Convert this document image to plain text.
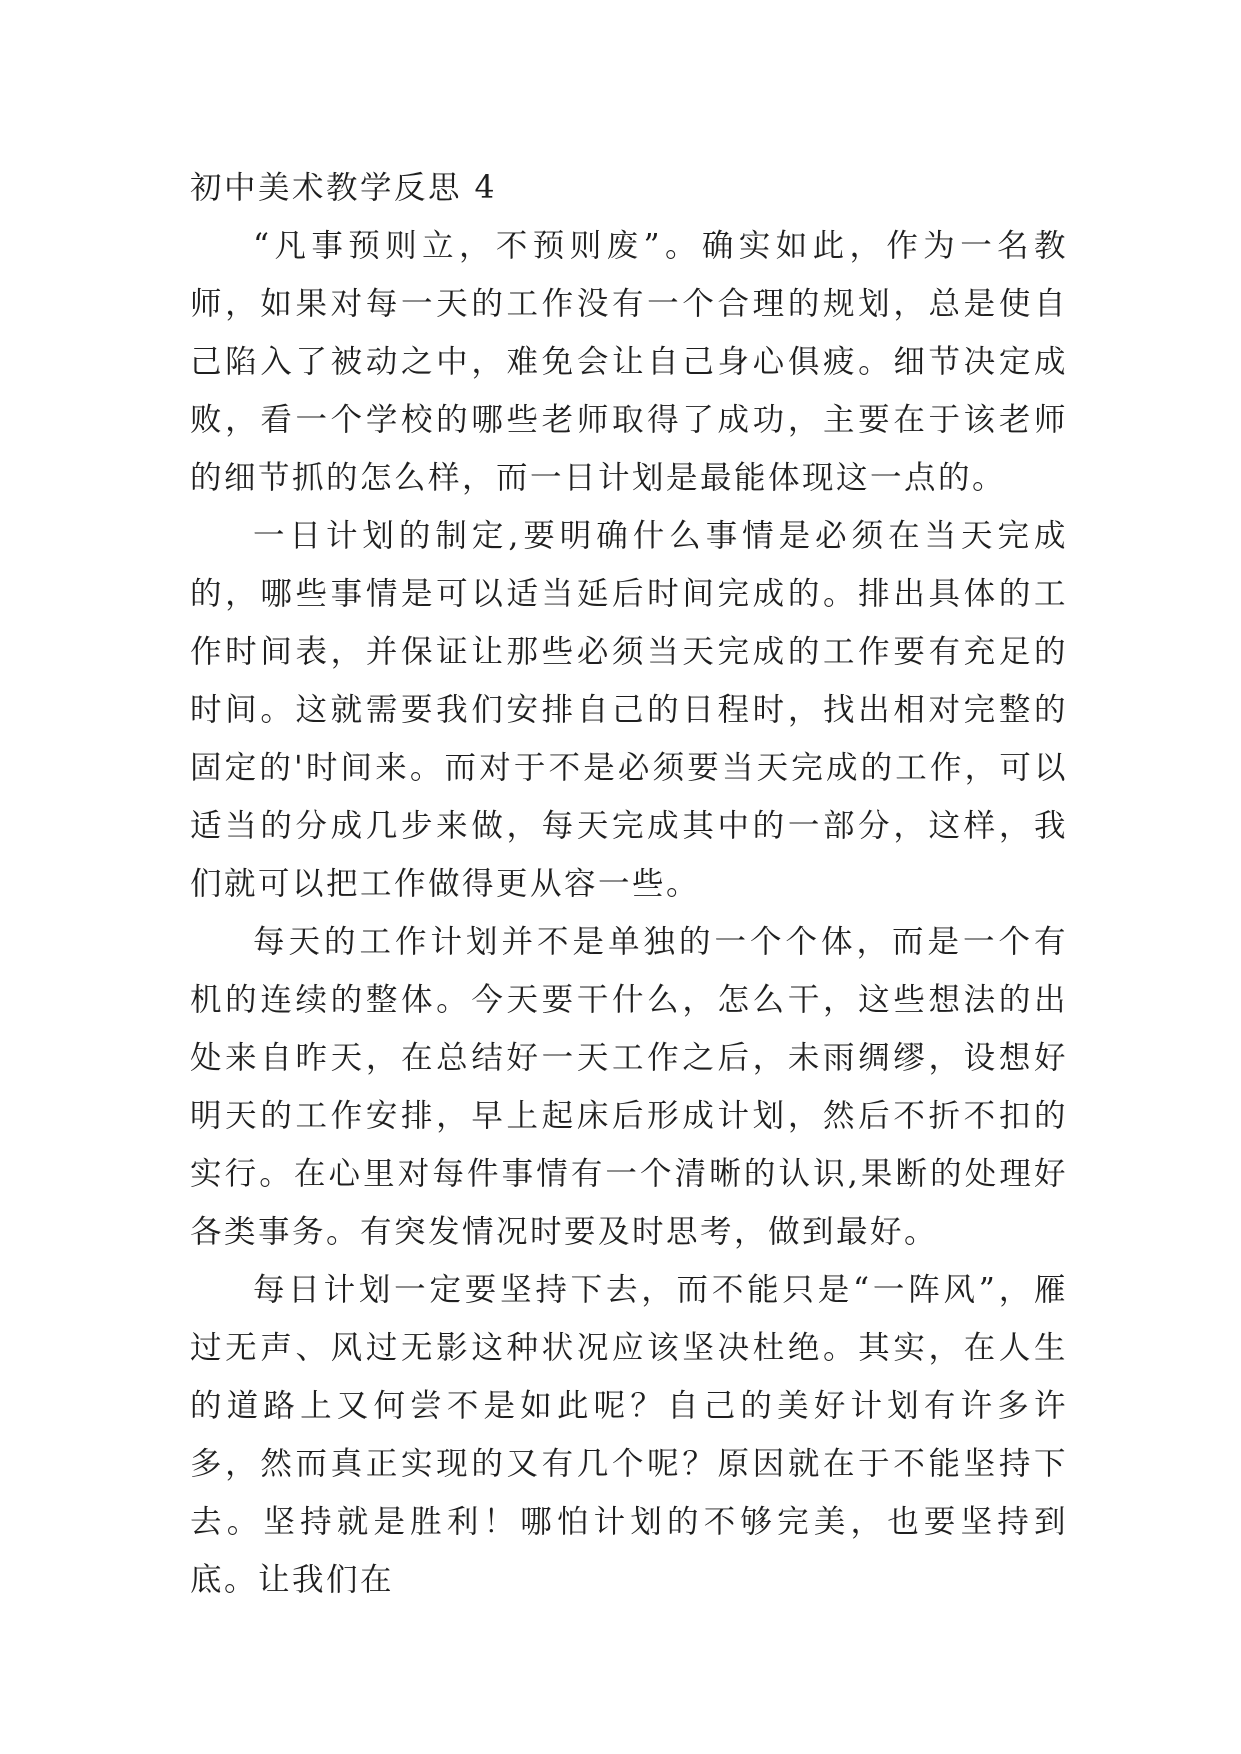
初中美术教学反思 4

“凡事预则立，不预则废”。确实如此，作为一名教师，如果对每一天的工作没有一个合理的规划，总是使自己陷入了被动之中，难免会让自己身心俱疲。细节决定成败，看一个学校的哪些老师取得了成功，主要在于该老师的细节抓的怎么样，而一日计划是最能体现这一点的。

一日计划的制定,要明确什么事情是必须在当天完成的，哪些事情是可以适当延后时间完成的。排出具体的工作时间表，并保证让那些必须当天完成的工作要有充足的时间。这就需要我们安排自己的日程时，找出相对完整的固定的'时间来。而对于不是必须要当天完成的工作，可以适当的分成几步来做，每天完成其中的一部分，这样，我们就可以把工作做得更从容一些。

每天的工作计划并不是单独的一个个体，而是一个有机的连续的整体。今天要干什么，怎么干，这些想法的出处来自昨天，在总结好一天工作之后，未雨绸缪，设想好明天的工作安排，早上起床后形成计划，然后不折不扣的实行。在心里对每件事情有一个清晰的认识,果断的处理好各类事务。有突发情况时要及时思考，做到最好。

每日计划一定要坚持下去，而不能只是“一阵风”，雁过无声、风过无影这种状况应该坚决杜绝。其实，在人生的道路上又何尝不是如此呢？自己的美好计划有许多许多，然而真正实现的又有几个呢？原因就在于不能坚持下去。坚持就是胜利！哪怕计划的不够完美，也要坚持到底。让我们在
